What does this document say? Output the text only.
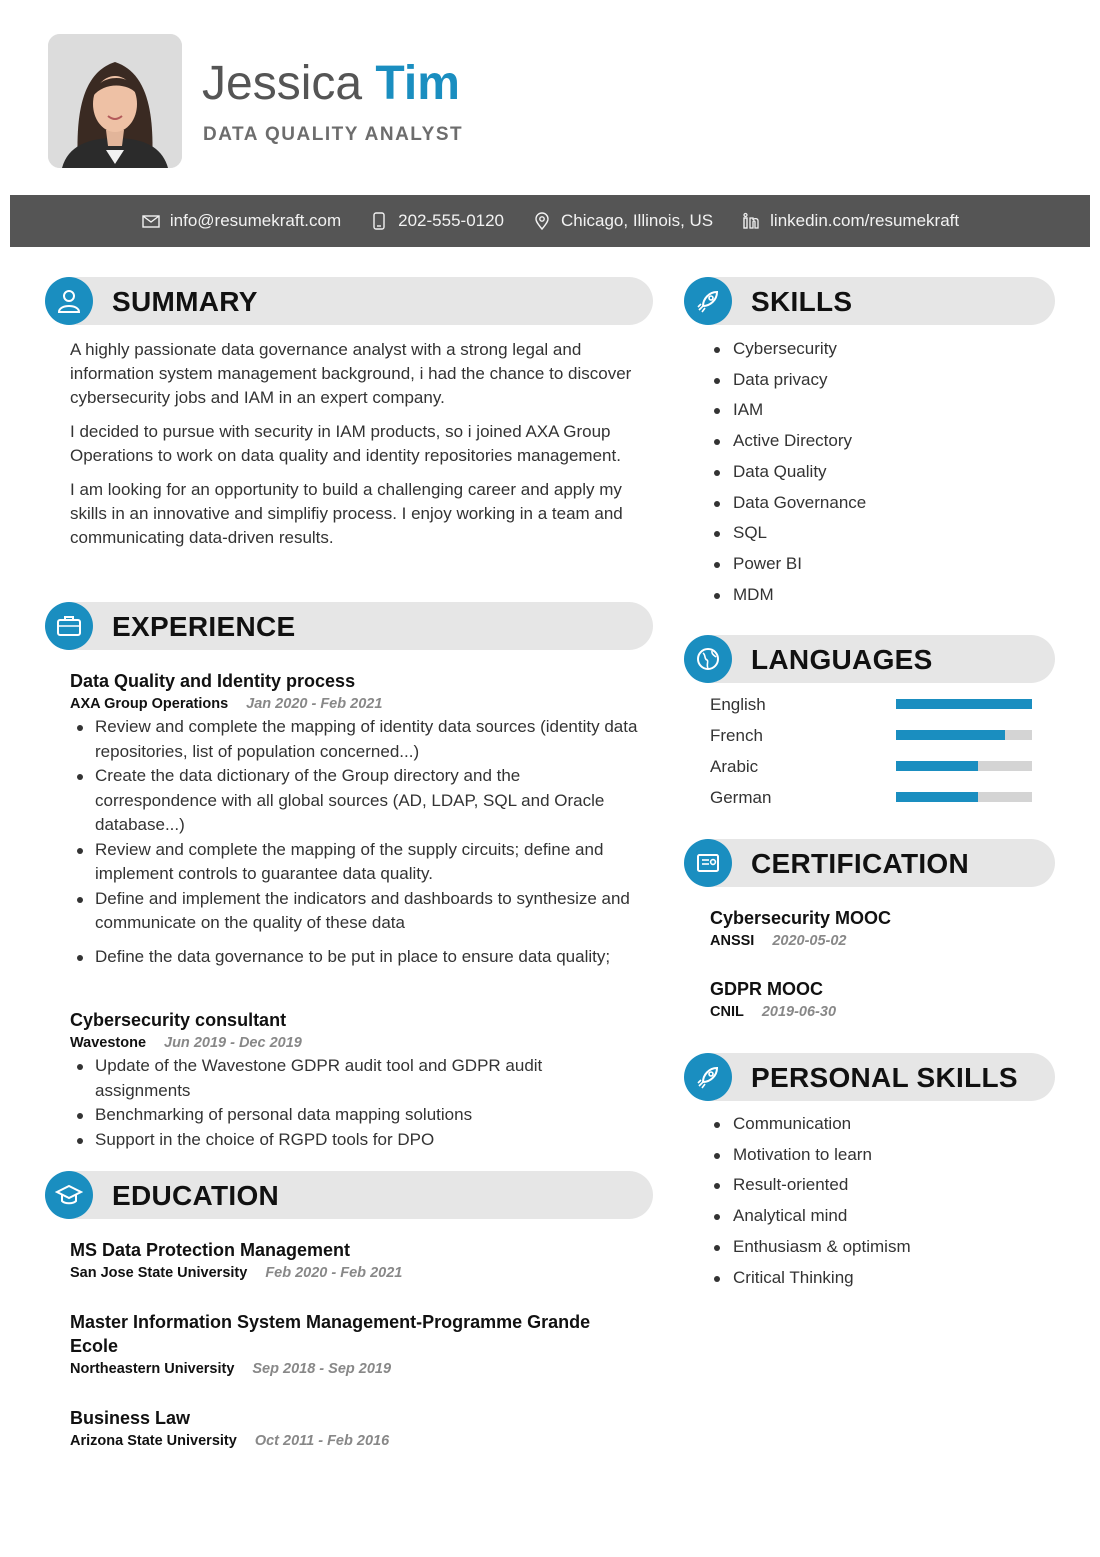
Jessica Tim
DATA QUALITY ANALYST
info@resumekraft.com	202-555-0120	Chicago, Illinois, US	linkedin.com/resumekraft
SUMMARY

A highly passionate data governance analyst with a strong legal and information system management background, i had the chance to discover cybersecurity jobs and IAM in an expert company.

I decided to pursue with security in IAM products, so i joined AXA Group Operations to work on data quality and identity repositories management.

I am looking for an opportunity to build a challenging career and apply my skills in an innovative and simplifiy process. I enjoy working in a team and communicating data-driven results.

EXPERIENCE
Data Quality and Identity process
AXA Group Operations Jan 2020 - Feb 2021
Review and complete the mapping of identity data sources (identity data repositories, list of population concerned...)
Create the data dictionary of the Group directory and the correspondence with all global sources (AD, LDAP, SQL and Oracle database...)
Review and complete the mapping of the supply circuits; define and implement controls to guarantee data quality.
Define and implement the indicators and dashboards to synthesize and communicate on the quality of these data
Define the data governance to be put in place to ensure data quality;
Cybersecurity consultant
Wavestone Jun 2019 - Dec 2019
Update of the Wavestone GDPR audit tool and GDPR audit assignments
Benchmarking of personal data mapping solutions
Support in the choice of RGPD tools for DPO
EDUCATION
MS Data Protection Management
San Jose State University Feb 2020 - Feb 2021
Master Information System Management-Programme Grande Ecole
Northeastern University Sep 2018 - Sep 2019
Business Law
Arizona State University Oct 2011 - Feb 2016
SKILLS
Cybersecurity
Data privacy
IAM
Active Directory
Data Quality
Data Governance
SQL
Power BI
MDM
LANGUAGES
English
French
Arabic
German
CERTIFICATION
Cybersecurity MOOC
ANSSI 2020-05-02
GDPR MOOC
CNIL 2019-06-30
PERSONAL SKILLS
Communication
Motivation to learn
Result-oriented
Analytical mind
Enthusiasm & optimism
Critical Thinking
